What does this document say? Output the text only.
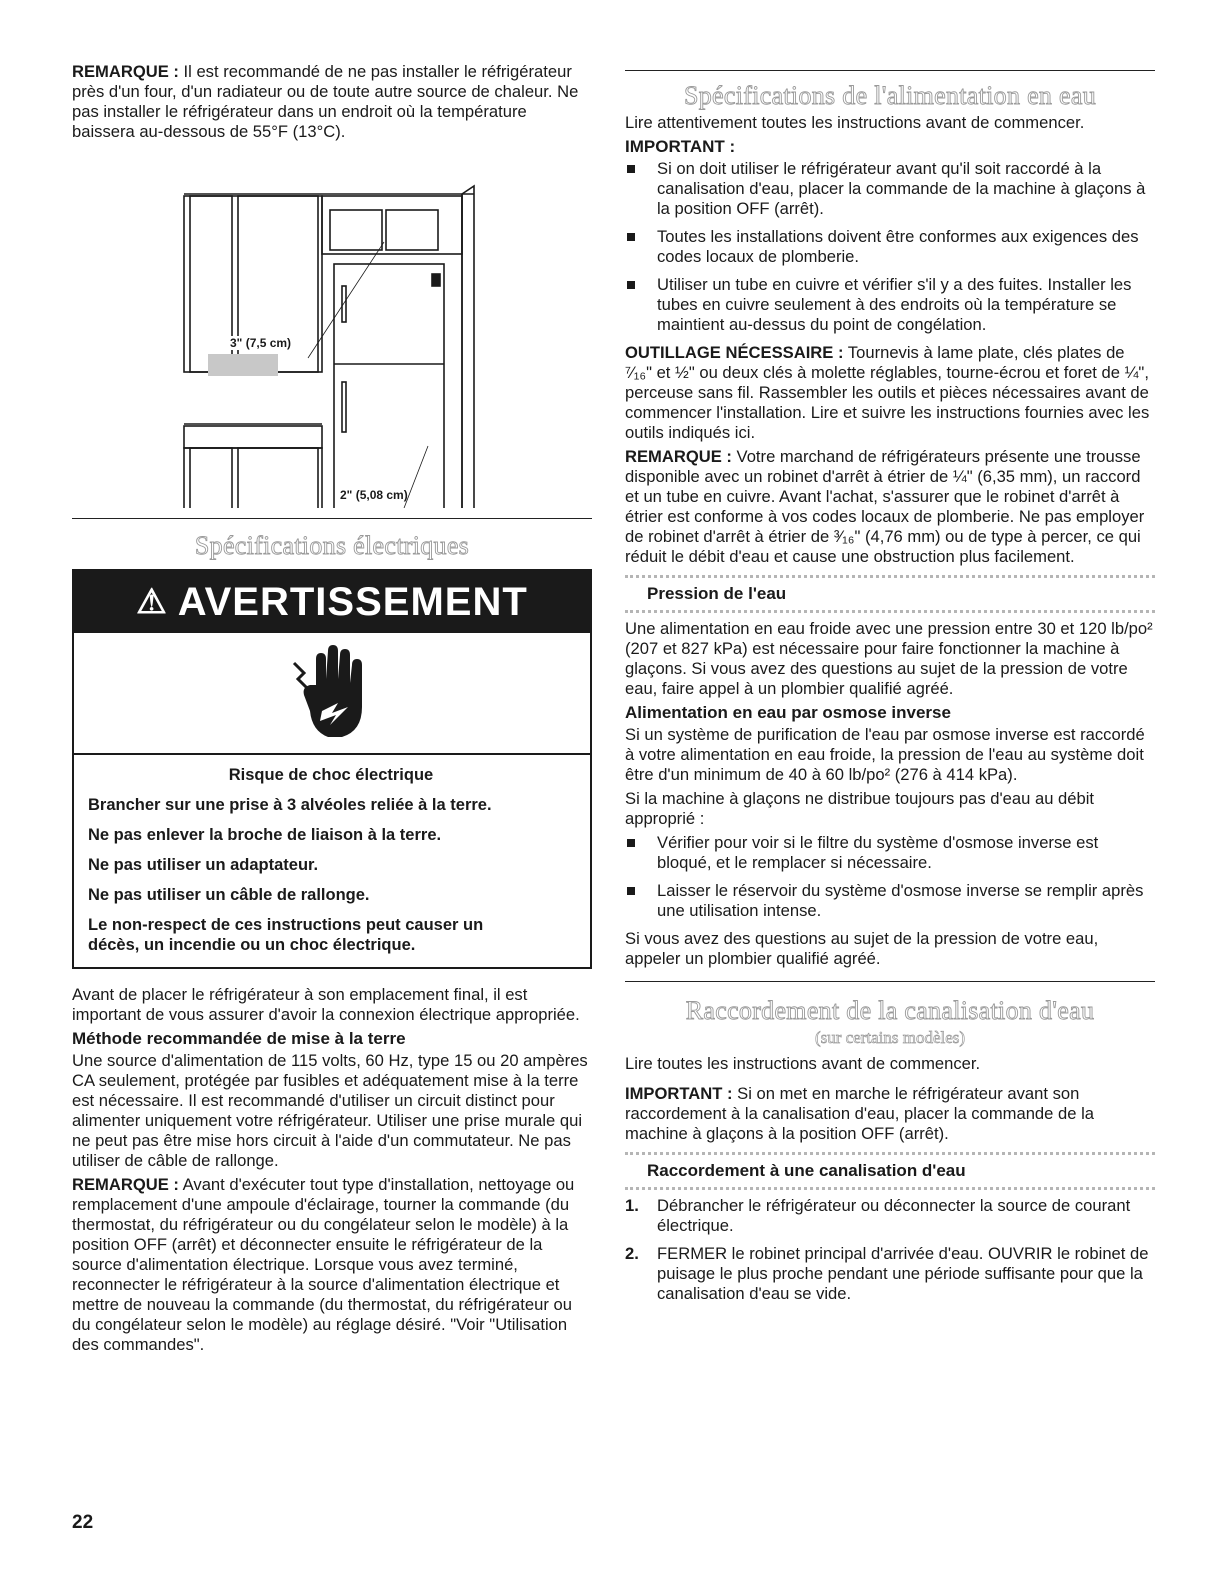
REMARQUE : Il est recommandé de ne pas installer le réfrigérateur près d'un four, d'un radiateur ou de toute autre source de chaleur. Ne pas installer le réfrigérateur dans un endroit où la température baissera au-dessous de 55°F (13°C).

3" (7,5 cm)
2" (5,08 cm)
Spécifications électriques
⚠ AVERTISSEMENT

Risque de choc électrique

Brancher sur une prise à 3 alvéoles reliée à la terre.

Ne pas enlever la broche de liaison à la terre.

Ne pas utiliser un adaptateur.

Ne pas utiliser un câble de rallonge.

Le non-respect de ces instructions peut causer un décès, un incendie ou un choc électrique.

Avant de placer le réfrigérateur à son emplacement final, il est important de vous assurer d'avoir la connexion électrique appropriée.

Méthode recommandée de mise à la terre

Une source d'alimentation de 115 volts, 60 Hz, type 15 ou 20 ampères CA seulement, protégée par fusibles et adéquatement mise à la terre est nécessaire. Il est recommandé d'utiliser un circuit distinct pour alimenter uniquement votre réfrigérateur. Utiliser une prise murale qui ne peut pas être mise hors circuit à l'aide d'un commutateur. Ne pas utiliser de câble de rallonge.

REMARQUE : Avant d'exécuter tout type d'installation, nettoyage ou remplacement d'une ampoule d'éclairage, tourner la commande (du thermostat, du réfrigérateur ou du congélateur selon le modèle) à la position OFF (arrêt) et déconnecter ensuite le réfrigérateur de la source d'alimentation électrique. Lorsque vous avez terminé, reconnecter le réfrigérateur à la source d'alimentation électrique et mettre de nouveau la commande (du thermostat, du réfrigérateur ou du congélateur selon le modèle) au réglage désiré. "Voir "Utilisation des commandes".

Spécifications de l'alimentation en eau

Lire attentivement toutes les instructions avant de commencer.

IMPORTANT :
Si on doit utiliser le réfrigérateur avant qu'il soit raccordé à la canalisation d'eau, placer la commande de la machine à glaçons à la position OFF (arrêt).
Toutes les installations doivent être conformes aux exigences des codes locaux de plomberie.
Utiliser un tube en cuivre et vérifier s'il y a des fuites. Installer les tubes en cuivre seulement à des endroits où la température se maintient au-dessus du point de congélation.

OUTILLAGE NÉCESSAIRE : Tournevis à lame plate, clés plates de ⁷⁄₁₆" et ½" ou deux clés à molette réglables, tourne-écrou et foret de ¼", perceuse sans fil. Rassembler les outils et pièces nécessaires avant de commencer l'installation. Lire et suivre les instructions fournies avec les outils indiqués ici.

REMARQUE : Votre marchand de réfrigérateurs présente une trousse disponible avec un robinet d'arrêt à étrier de ¼" (6,35 mm), un raccord et un tube en cuivre. Avant l'achat, s'assurer que le robinet d'arrêt à étrier est conforme à vos codes locaux de plomberie. Ne pas employer de robinet d'arrêt à étrier de ³⁄₁₆" (4,76 mm) ou de type à percer, ce qui réduit le débit d'eau et cause une obstruction plus facilement.

Pression de l'eau

Une alimentation en eau froide avec une pression entre 30 et 120 lb/po² (207 et 827 kPa) est nécessaire pour faire fonctionner la machine à glaçons. Si vous avez des questions au sujet de la pression de votre eau, faire appel à un plombier qualifié agréé.

Alimentation en eau par osmose inverse

Si un système de purification de l'eau par osmose inverse est raccordé à votre alimentation en eau froide, la pression de l'eau au système doit être d'un minimum de 40 à 60 lb/po² (276 à 414 kPa).

Si la machine à glaçons ne distribue toujours pas d'eau au débit approprié :

Vérifier pour voir si le filtre du système d'osmose inverse est bloqué, et le remplacer si nécessaire.
Laisser le réservoir du système d'osmose inverse se remplir après une utilisation intense.

Si vous avez des questions au sujet de la pression de votre eau, appeler un plombier qualifié agréé.

Raccordement de la canalisation d'eau
(sur certains modèles)

Lire toutes les instructions avant de commencer.

IMPORTANT : Si on met en marche le réfrigérateur avant son raccordement à la canalisation d'eau, placer la commande de la machine à glaçons à la position OFF (arrêt).

Raccordement à une canalisation d'eau
1. Débrancher le réfrigérateur ou déconnecter la source de courant électrique.
2. FERMER le robinet principal d'arrivée d'eau. OUVRIR le robinet de puisage le plus proche pendant une période suffisante pour que la canalisation d'eau se vide.
22
